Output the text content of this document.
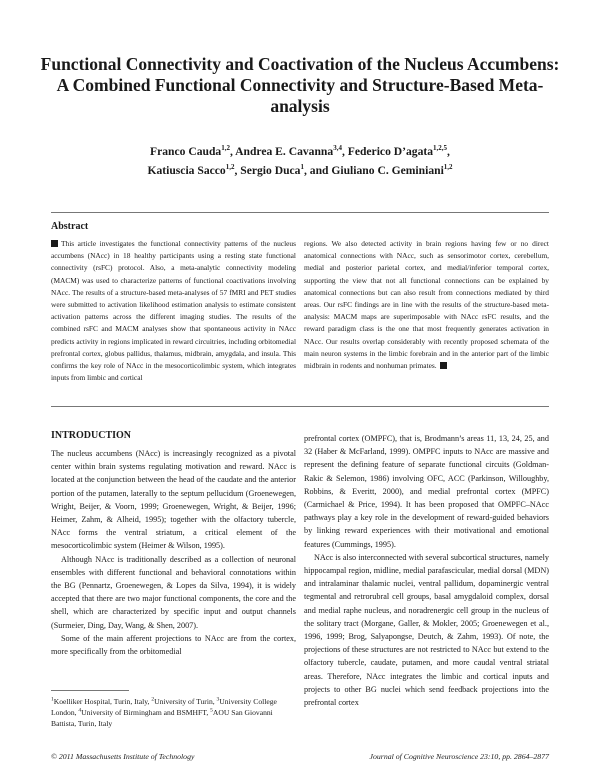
Functional Connectivity and Coactivation of the Nucleus Accumbens: A Combined Functional Connectivity and Structure-Based Meta-analysis
Franco Cauda$^{1,2}$, Andrea E. Cavanna$^{3,4}$, Federico D’agata$^{1,2,5}$,
Katiuscia Sacco$^{1,2}$, Sergio Duca$^1$, and Giuliano C. Geminiani$^{1,2}$
Abstract
This article investigates the functional connectivity patterns of the nucleus accumbens (NAcc) in 18 healthy participants using a resting state functional connectivity (rsFC) protocol. Also, a meta-analytic connectivity modeling (MACM) was used to characterize patterns of functional coactivations involving NAcc. The results of a structure-based meta-analyses of 57 fMRI and PET studies were submitted to activation likelihood estimation analysis to estimate consistent activation patterns across the different imaging studies. The results of the combined rsFC and MACM analyses show that spontaneous activity in NAcc predicts activity in regions implicated in reward circuitries, including orbitomedial prefrontal cortex, globus pallidus, thalamus, midbrain, amygdala, and insula. This confirms the key role of NAcc in the mesocorticolimbic system, which integrates inputs from limbic and cortical
regions. We also detected activity in brain regions having few or no direct anatomical connections with NAcc, such as sensorimotor cortex, cerebellum, medial and posterior parietal cortex, and medial/inferior temporal cortex, supporting the view that not all functional connections can be explained by anatomical connections but can also result from connections mediated by third areas. Our rsFC findings are in line with the results of the structure-based meta-analysis: MACM maps are superimposable with NAcc rsFC results, and the reward paradigm class is the one that most frequently generates activation in NAcc. Our results overlap considerably with recently proposed schemata of the main neuron systems in the limbic forebrain and in the anterior part of the limbic midbrain in rodents and nonhuman primates.
INTRODUCTION

The nucleus accumbens (NAcc) is increasingly recognized as a pivotal center within brain systems regulating motivation and reward. NAcc is located at the conjunction between the head of the caudate and the anterior portion of the putamen, laterally to the septum pellucidum (Groenewegen, Wright, Beijer, & Voorn, 1999; Groenewegen, Wright, & Beijer, 1996; Heimer, Zahm, & Alheid, 1995); together with the olfactory tubercle, NAcc forms the ventral striatum, a critical element of the mesocorticolimbic system (Heimer & Wilson, 1995).

Although NAcc is traditionally described as a collection of neuronal ensembles with different functional and behavioral connotations within the BG (Pennartz, Groenewegen, & Lopes da Silva, 1994), it is widely accepted that there are two major functional components, the core and the shell, which are characterized by specific input and output channels (Surmeier, Ding, Day, Wang, & Shen, 2007).

Some of the main afferent projections to NAcc are from the cortex, more specifically from the orbitomedial

prefrontal cortex (OMPFC), that is, Brodmann’s areas 11, 13, 24, 25, and 32 (Haber & McFarland, 1999). OMPFC inputs to NAcc are massive and represent the defining feature of separate functional circuits (Goldman-Rakic & Selemon, 1986) involving OFC, ACC (Parkinson, Willoughby, Robbins, & Everitt, 2000), and medial prefrontal cortex (MPFC) (Carmichael & Price, 1994). It has been proposed that OMPFC–NAcc pathways play a key role in the development of reward-guided behaviors by linking reward experiences with their motivational and emotional features (Cummings, 1995).

NAcc is also interconnected with several subcortical structures, namely hippocampal region, midline, medial parafascicular, medial dorsal (MDN) and intralaminar thalamic nuclei, ventral pallidum, dopaminergic ventral tegmental and retrorubral cell groups, basal amygdaloid complex, dorsal and medial raphe nucleus, and noradrenergic cell group in the nucleus of the solitary tract (Morgane, Galler, & Mokler, 2005; Groenewegen et al., 1996, 1999; Brog, Salyapongse, Deutch, & Zahm, 1993). Of note, the projections of these structures are not restricted to NAcc but extend to the olfactory tubercle, caudate, putamen, and more caudal ventral striatal areas. Therefore, NAcc integrates the limbic and cortical inputs and projects to other BG nuclei which send feedback projections into the prefrontal cortex

$^1$Koelliker Hospital, Turin, Italy, $^2$University of Turin, $^3$University College London, $^4$University of Birmingham and BSMHFT, $^5$AOU San Giovanni Battista, Turin, Italy
© 2011 Massachusetts Institute of Technology	Journal of Cognitive Neuroscience 23:10, pp. 2864–2877
